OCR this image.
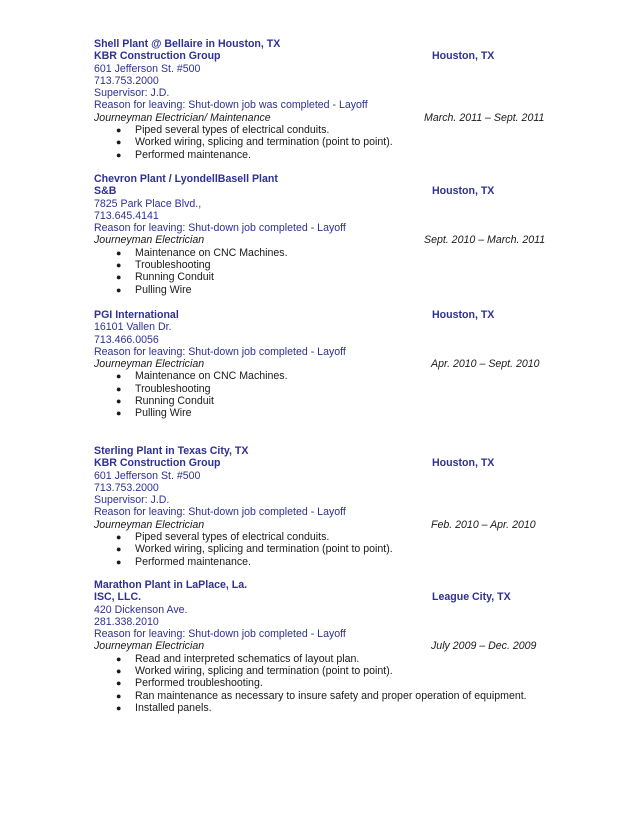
Shell Plant @ Bellaire in Houston, TX
KBR Construction Group	Houston, TX
601 Jefferson St. #500
713.753.2000
Supervisor: J.D.
Reason for leaving: Shut-down job was completed - Layoff
Journeyman Electrician/ Maintenance	March. 2011 – Sept. 2011
● Piped several types of electrical conduits.
● Worked wiring, splicing and termination (point to point).
● Performed maintenance.
Chevron Plant / LyondellBasell Plant
S&B	Houston, TX
7825 Park Place Blvd.,
713.645.4141
Reason for leaving: Shut-down job completed - Layoff
Journeyman Electrician	Sept. 2010 – March. 2011
● Maintenance on CNC Machines.
● Troubleshooting
● Running Conduit
● Pulling Wire
PGI International	Houston, TX
16101 Vallen Dr.
713.466.0056
Reason for leaving: Shut-down job completed - Layoff
Journeyman Electrician	Apr. 2010 – Sept. 2010
● Maintenance on CNC Machines.
● Troubleshooting
● Running Conduit
● Pulling Wire
Sterling Plant in Texas City, TX
KBR Construction Group	Houston, TX
601 Jefferson St. #500
713.753.2000
Supervisor: J.D.
Reason for leaving: Shut-down job completed - Layoff
Journeyman Electrician	Feb. 2010 – Apr. 2010
● Piped several types of electrical conduits.
● Worked wiring, splicing and termination (point to point).
● Performed maintenance.
Marathon Plant in LaPlace, La.
ISC, LLC.	League City, TX
420 Dickenson Ave.
281.338.2010
Reason for leaving: Shut-down job completed - Layoff
Journeyman Electrician	July 2009 – Dec. 2009
● Read and interpreted schematics of layout plan.
● Worked wiring, splicing and termination (point to point).
● Performed troubleshooting.
● Ran maintenance as necessary to insure safety and proper operation of equipment.
● Installed panels.
